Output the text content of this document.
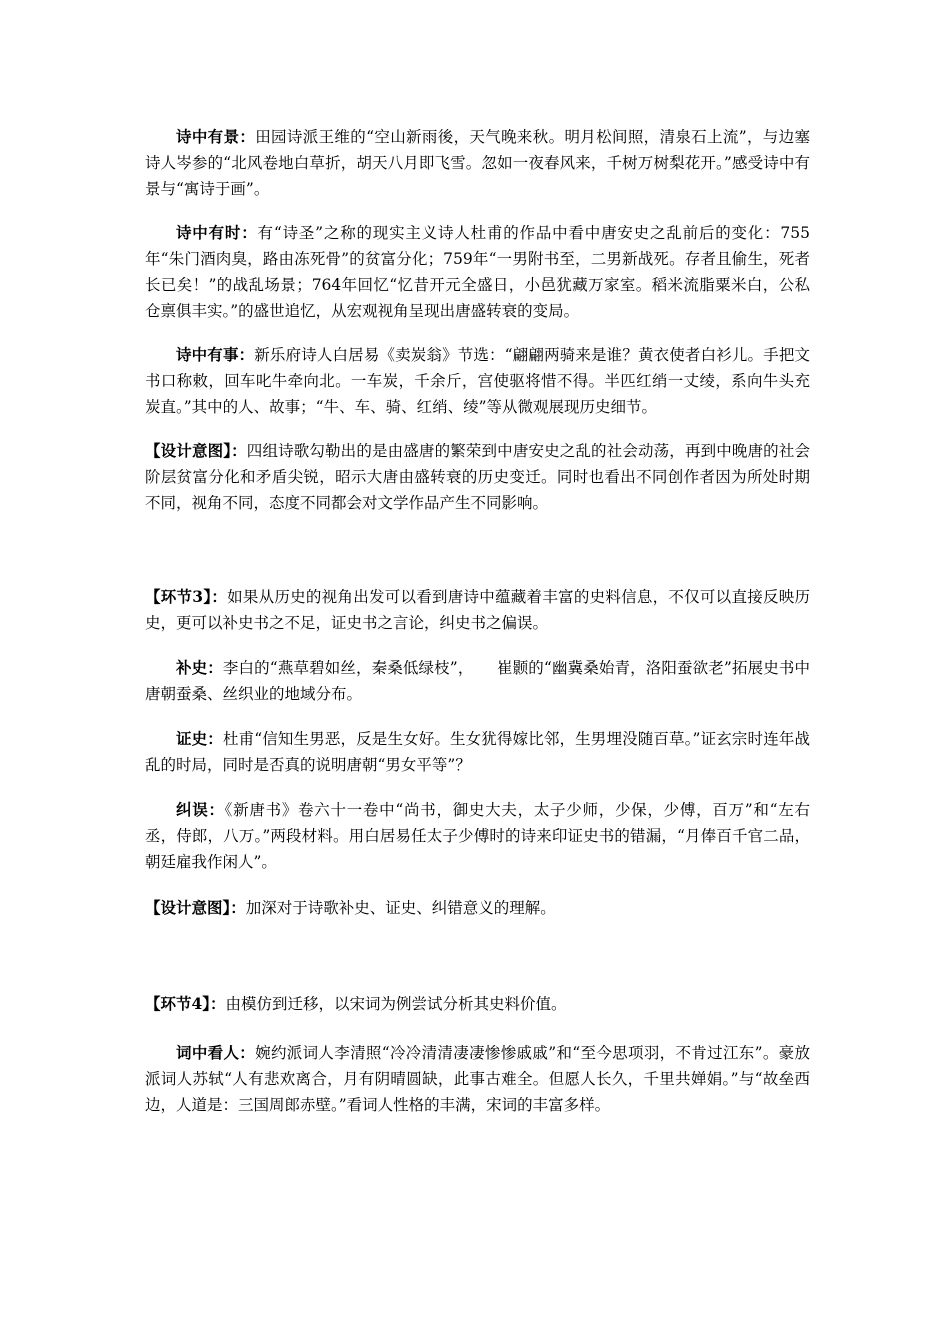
诗中有景：田园诗派王维的“空山新雨後，天气晚来秋。明月松间照，清泉石上流”，与边塞诗人岑参的“北风卷地白草折，胡天八月即飞雪。忽如一夜春风来，千树万树梨花开。”感受诗中有景与“寓诗于画”。

诗中有时：有“诗圣”之称的现实主义诗人杜甫的作品中看中唐安史之乱前后的变化：755年“朱门酒肉臭，路由冻死骨”的贫富分化；759年“一男附书至，二男新战死。存者且偷生，死者长已矣！”的战乱场景；764年回忆“忆昔开元全盛日，小邑犹藏万家室。稻米流脂粟米白，公私仓禀俱丰实。”的盛世追忆，从宏观视角呈现出唐盛转衰的变局。

诗中有事：新乐府诗人白居易《卖炭翁》节选：“翩翩两骑来是谁？黄衣使者白衫儿。手把文书口称敕，回车叱牛牵向北。一车炭，千余斤，宫使驱将惜不得。半匹红绡一丈绫，系向牛头充炭直。”其中的人、故事；“牛、车、骑、红绡、绫”等从微观展现历史细节。

【设计意图】：四组诗歌勾勒出的是由盛唐的繁荣到中唐安史之乱的社会动荡，再到中晚唐的社会阶层贫富分化和矛盾尖锐，昭示大唐由盛转衰的历史变迁。同时也看出不同创作者因为所处时期不同，视角不同，态度不同都会对文学作品产生不同影响。

【环节3】：如果从历史的视角出发可以看到唐诗中蕴藏着丰富的史料信息，不仅可以直接反映历史，更可以补史书之不足，证史书之言论，纠史书之偏误。

补史：李白的“燕草碧如丝，秦桑低绿枝”，　　崔颢的“幽冀桑始青，洛阳蚕欲老”拓展史书中唐朝蚕桑、丝织业的地域分布。

证史：杜甫“信知生男恶，反是生女好。生女犹得嫁比邻，生男埋没随百草。”证玄宗时连年战乱的时局，同时是否真的说明唐朝“男女平等”？

纠误：《新唐书》卷六十一卷中“尚书，御史大夫，太子少师，少保，少傅，百万”和“左右丞，侍郎，八万。”两段材料。用白居易任太子少傅时的诗来印证史书的错漏，“月俸百千官二品，朝廷雇我作闲人”。

【设计意图】：加深对于诗歌补史、证史、纠错意义的理解。

【环节4】：由模仿到迁移，以宋词为例尝试分析其史料价值。

词中看人：婉约派词人李清照“冷冷清清凄凄惨惨戚戚”和“至今思项羽，不肯过江东”。豪放派词人苏轼“人有悲欢离合，月有阴晴圆缺，此事古难全。但愿人长久，千里共婵娟。”与“故垒西边，人道是：三国周郎赤壁。”看词人性格的丰满，宋词的丰富多样。
